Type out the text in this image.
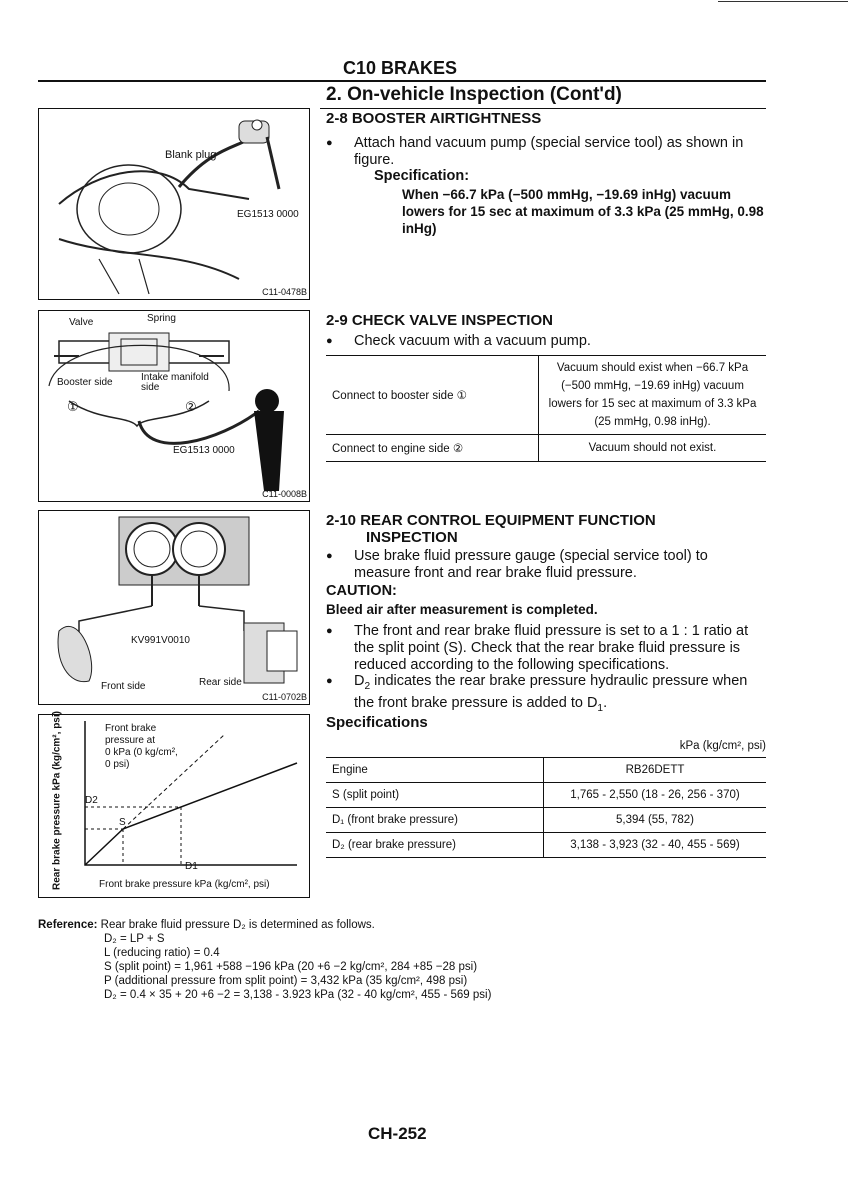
C10 BRAKES
2. On-vehicle Inspection (Cont'd)
2-8 BOOSTER AIRTIGHTNESS
● Attach hand vacuum pump (special service tool) as shown in figure.
Specification:
When −66.7 kPa (−500 mmHg, −19.69 inHg) vacuum lowers for 15 sec at maximum of 3.3 kPa (25 mmHg, 0.98 inHg)
Blank plug
EG1513 0000
C11-0478B
2-9 CHECK VALVE INSPECTION
● Check vacuum with a vacuum pump.
Connect to booster side ①	Vacuum should exist when −66.7 kPa (−500 mmHg, −19.69 inHg) vacuum lowers for 15 sec at maximum of 3.3 kPa (25 mmHg, 0.98 inHg).
Connect to engine side ②	Vacuum should not exist.
Valve	Spring
Booster side	Intake manifold side
①	②
EG1513 0000
C11-0008B
2-10 REAR CONTROL EQUIPMENT FUNCTION
INSPECTION
● Use brake fluid pressure gauge (special service tool) to measure front and rear brake fluid pressure.
CAUTION:
Bleed air after measurement is completed.
● The front and rear brake fluid pressure is set to a 1 : 1 ratio at the split point (S). Check that the rear brake fluid pressure is reduced according to the following specifications.
● $D_2$ indicates the rear brake pressure hydraulic pressure when the front brake pressure is added to $D_1$.
KV991V0010
Front side	Rear side
C11-0702B
Front brake
pressure at
0 kPa (0 kg/cm²,
0 psi)
D2
S
D1
Front brake pressure kPa (kg/cm², psi)
Rear brake pressure kPa (kg/cm², psi)	Specifications
kPa (kg/cm², psi)
Engine	RB26DETT
S (split point)	1,765 - 2,550 (18 - 26, 256 - 370)
D₁ (front brake pressure)	5,394 (55, 782)
D₂ (rear brake pressure)	3,138 - 3,923 (32 - 40, 455 - 569)
Reference: Rear brake fluid pressure D₂ is determined as follows.
D₂ = LP + S
L (reducing ratio) = 0.4
S (split point) = 1,961 +588 −196 kPa (20 +6 −2 kg/cm², 284 +85 −28 psi)
P (additional pressure from split point) = 3,432 kPa (35 kg/cm², 498 psi)
D₂ = 0.4 × 35 + 20 +6 −2 = 3,138 - 3.923 kPa (32 - 40 kg/cm², 455 - 569 psi)
CH-252
